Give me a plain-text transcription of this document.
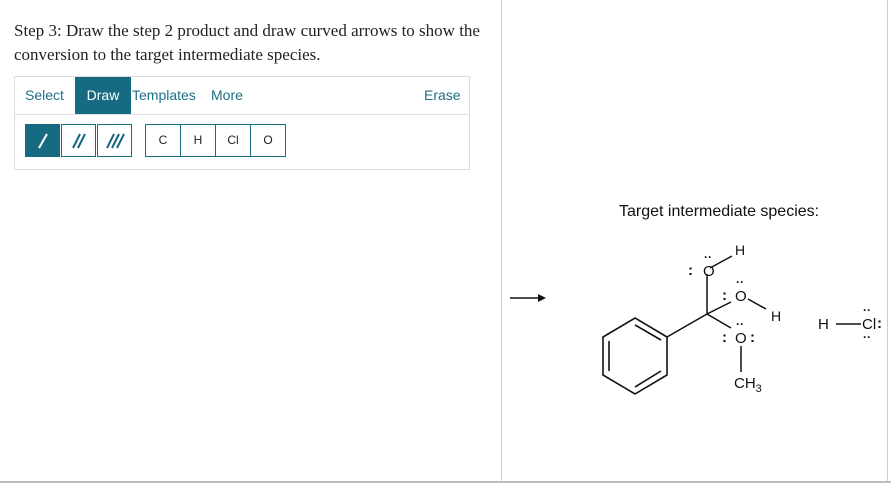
Step 3: Draw the step 2 product and draw curved arrows to show the conversion to the target intermediate species.
Select	Draw Templates More	Erase
C	H	Cl	O
Target intermediate species:
O
:
·· H
O
··
:
H
O
··
:
:
$CH_3$
H Cl
··
··
:
